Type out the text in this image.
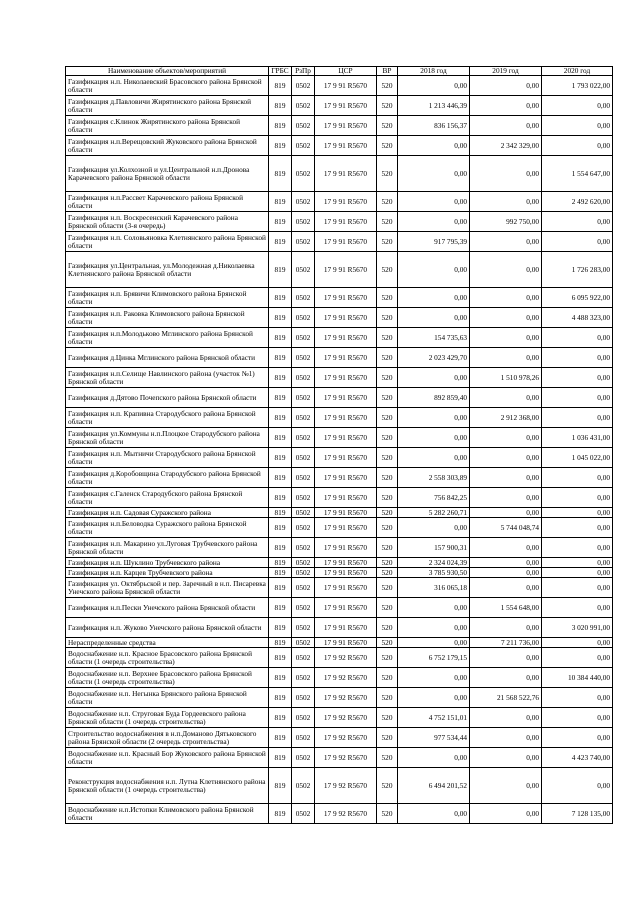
Наименование объектов/мероприятий	ГРБС	РзПр	ЦСР	ВР	2018 год	2019 год	2020 год
Газификация н.п. Николаевский Брасовского района Брянской области	819	0502	17 9 91 R5670	520	0,00	0,00	1 793 022,00
Газификация д.Павловичи Жирятинского района Брянской области	819	0502	17 9 91 R5670	520	1 213 446,39	0,00	0,00
Газификация с.Клинок Жирятинского района Брянской области	819	0502	17 9 91 R5670	520	836 156,37	0,00	0,00
Газификация н.п.Верещовский Жуковского района Брянской области	819	0502	17 9 91 R5670	520	0,00	2 342 329,00	0,00
Газификация ул.Колхозной и ул.Центральной н.п.Дронова Карачевского района Брянской области	819	0502	17 9 91 R5670	520	0,00	0,00	1 554 647,00
Газификация н.п.Рассвет Карачевского района Брянской области	819	0502	17 9 91 R5670	520	0,00	0,00	2 492 620,00
Газификация н.п. Воскресенский Карачевского района Брянской области (3-я очередь)	819	0502	17 9 91 R5670	520	0,00	992 750,00	0,00
Газификация н.п. Соловьяновка Клетнянского района Брянской области	819	0502	17 9 91 R5670	520	917 795,39	0,00	0,00
Газификация ул.Центральная, ул.Молодежная д.Николаевка Клетнянского района Брянской области	819	0502	17 9 91 R5670	520	0,00	0,00	1 726 283,00
Газификация н.п. Брявичи Климовского района Брянской области	819	0502	17 9 91 R5670	520	0,00	0,00	6 095 922,00
Газификация н.п. Раковка Климовского района Брянской области	819	0502	17 9 91 R5670	520	0,00	0,00	4 488 323,00
Газификация н.п.Молодьково Мглинского района Брянской области	819	0502	17 9 91 R5670	520	154 735,63	0,00	0,00
Газификация д.Цинка Мглинского района Брянской области	819	0502	17 9 91 R5670	520	2 023 429,70	0,00	0,00
Газификация н.п.Селище Навлинского района (участок №1) Брянской области	819	0502	17 9 91 R5670	520	0,00	1 510 978,26	0,00
Газификация д.Дятово Почепского района Брянской области	819	0502	17 9 91 R5670	520	892 859,40	0,00	0,00
Газификация н.п. Крапивна Стародубского района Брянской области	819	0502	17 9 91 R5670	520	0,00	2 912 368,00	0,00
Газификация ул.Коммуны н.п.Плоцкое Стародубского района Брянской области	819	0502	17 9 91 R5670	520	0,00	0,00	1 036 431,00
Газификация н.п. Мытничи Стародубского района Брянской области	819	0502	17 9 91 R5670	520	0,00	0,00	1 045 022,00
Газификация д.Коробовщина Стародубского района Брянской области	819	0502	17 9 91 R5670	520	2 558 303,89	0,00	0,00
Газификация с.Галенск Стародубского района Брянской области	819	0502	17 9 91 R5670	520	756 842,25	0,00	0,00
Газификация н.п. Садовая Суражского района	819	0502	17 9 91 R5670	520	5 282 260,71	0,00	0,00
Газификация н.п.Беловодка Суражского района Брянской области	819	0502	17 9 91 R5670	520	0,00	5 744 048,74	0,00
Газификация н.п. Макарино ул.Луговая Трубчевского района Брянской области	819	0502	17 9 91 R5670	520	157 900,31	0,00	0,00
Газификация н.п. Шуклино Трубчевского района	819	0502	17 9 91 R5670	520	2 324 024,39	0,00	0,00
Газификация н.п. Карцев Трубчевского района	819	0502	17 9 91 R5670	520	3 785 930,50	0,00	0,00
Газификация ул. Октябрьской и пер. Заречный в н.п. Писаревка Унечского района Брянской области	819	0502	17 9 91 R5670	520	316 065,18	0,00	0,00
Газификация н.п.Пески Унечского района Брянской области	819	0502	17 9 91 R5670	520	0,00	1 554 648,00	0,00
Газификация н.п. Жуково Унечского района Брянской области	819	0502	17 9 91 R5670	520	0,00	0,00	3 020 991,00
Нераспределенные средства	819	0502	17 9 91 R5670	520	0,00	7 211 736,00	0,00
Водоснабжение н.п. Красное Брасовского района Брянской области (1 очередь строительства)	819	0502	17 9 92 R5670	520	6 752 179,15	0,00	0,00
Водоснабжение н.п. Верхнее Брасовского района Брянской области (1 очередь строительства)	819	0502	17 9 92 R5670	520	0,00	0,00	10 384 440,00
Водоснабжение н.п. Негынка Брянского района Брянской области	819	0502	17 9 92 R5670	520	0,00	21 568 522,76	0,00
Водоснабжение н.п. Струговая Буда Гордеевского района Брянской области (1 очередь строительства)	819	0502	17 9 92 R5670	520	4 752 151,01	0,00	0,00
Строительство водоснабжения в н.п.Доманово Дятьковского района Брянской области (2 очередь строительства)	819	0502	17 9 92 R5670	520	977 534,44	0,00	0,00
Водоснабжение н.п. Красный Бор Жуковского района Брянской области	819	0502	17 9 92 R5670	520	0,00	0,00	4 423 740,00
Реконструкция водоснабжения н.п. Лутна Клетнянского района Брянской области (1 очередь строительства)	819	0502	17 9 92 R5670	520	6 494 201,52	0,00	0,00
Водоснабжение н.п.Истопки Климовского района Брянской области	819	0502	17 9 92 R5670	520	0,00	0,00	7 128 135,00
